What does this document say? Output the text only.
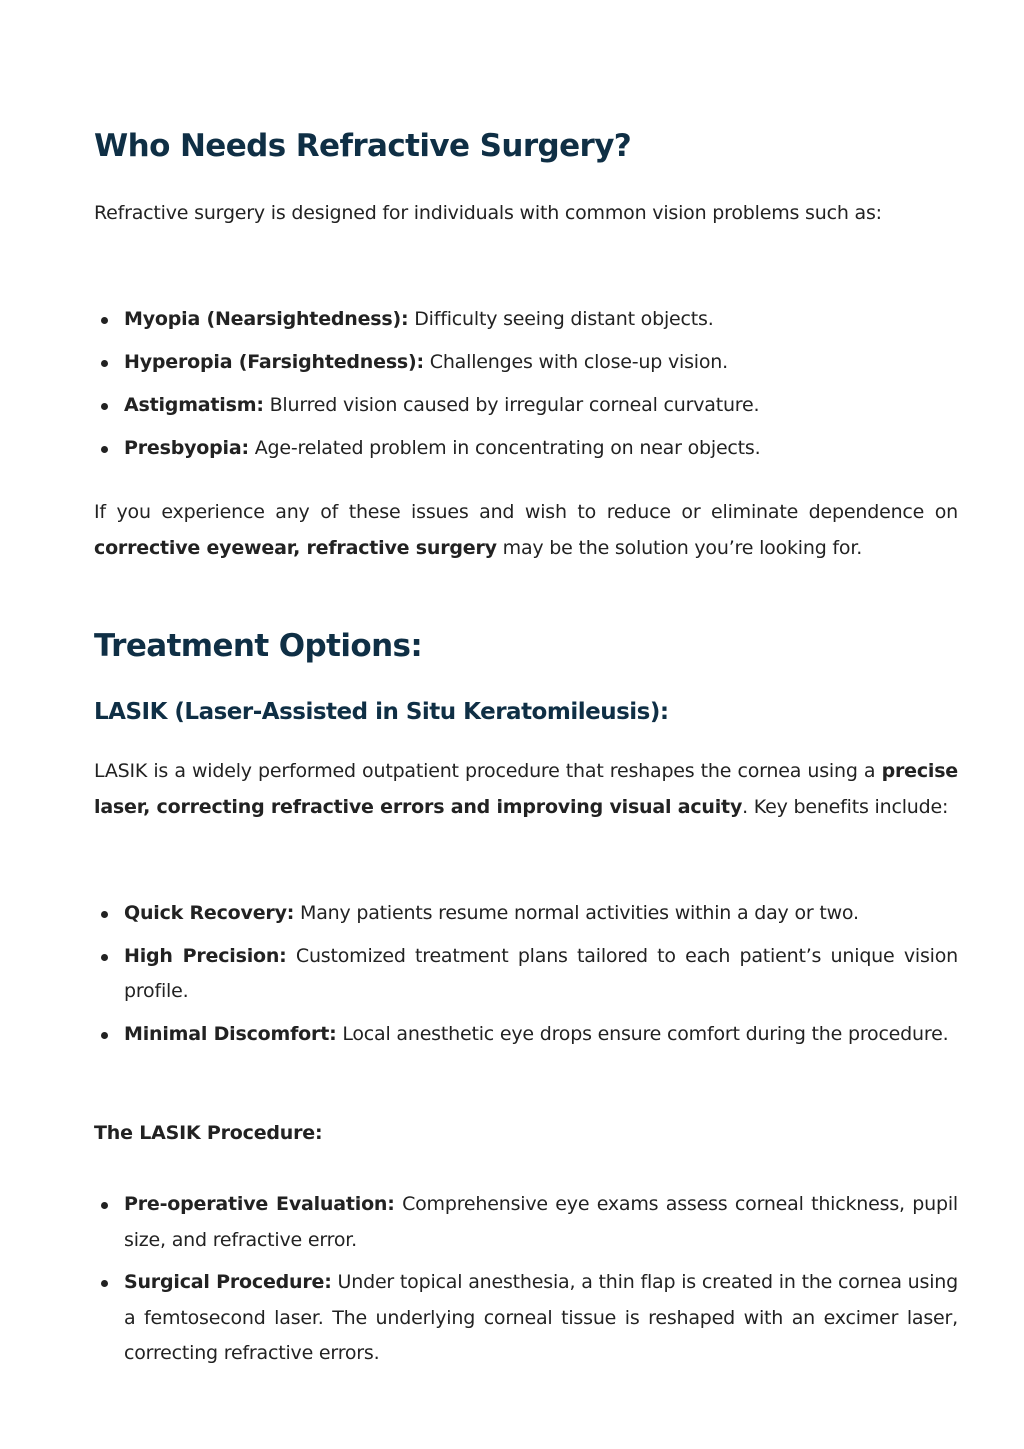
Who Needs Refractive Surgery?

Refractive surgery is designed for individuals with common vision problems such as:

Myopia (Nearsightedness): Difficulty seeing distant objects.
Hyperopia (Farsightedness): Challenges with close-up vision.
Astigmatism: Blurred vision caused by irregular corneal curvature.
Presbyopia: Age-related problem in concentrating on near objects.

If you experience any of these issues and wish to reduce or eliminate dependence on corrective eyewear, refractive surgery may be the solution you’re looking for.

Treatment Options:
LASIK (Laser-Assisted in Situ Keratomileusis):

LASIK is a widely performed outpatient procedure that reshapes the cornea using a precise laser, correcting refractive errors and improving visual acuity. Key benefits include:

Quick Recovery: Many patients resume normal activities within a day or two.
High Precision: Customized treatment plans tailored to each patient’s unique vision profile.
Minimal Discomfort: Local anesthetic eye drops ensure comfort during the procedure.

The LASIK Procedure:

Pre-operative Evaluation: Comprehensive eye exams assess corneal thickness, pupil size, and refractive error.
Surgical Procedure: Under topical anesthesia, a thin flap is created in the cornea using a femtosecond laser. The underlying corneal tissue is reshaped with an excimer laser, correcting refractive errors.
